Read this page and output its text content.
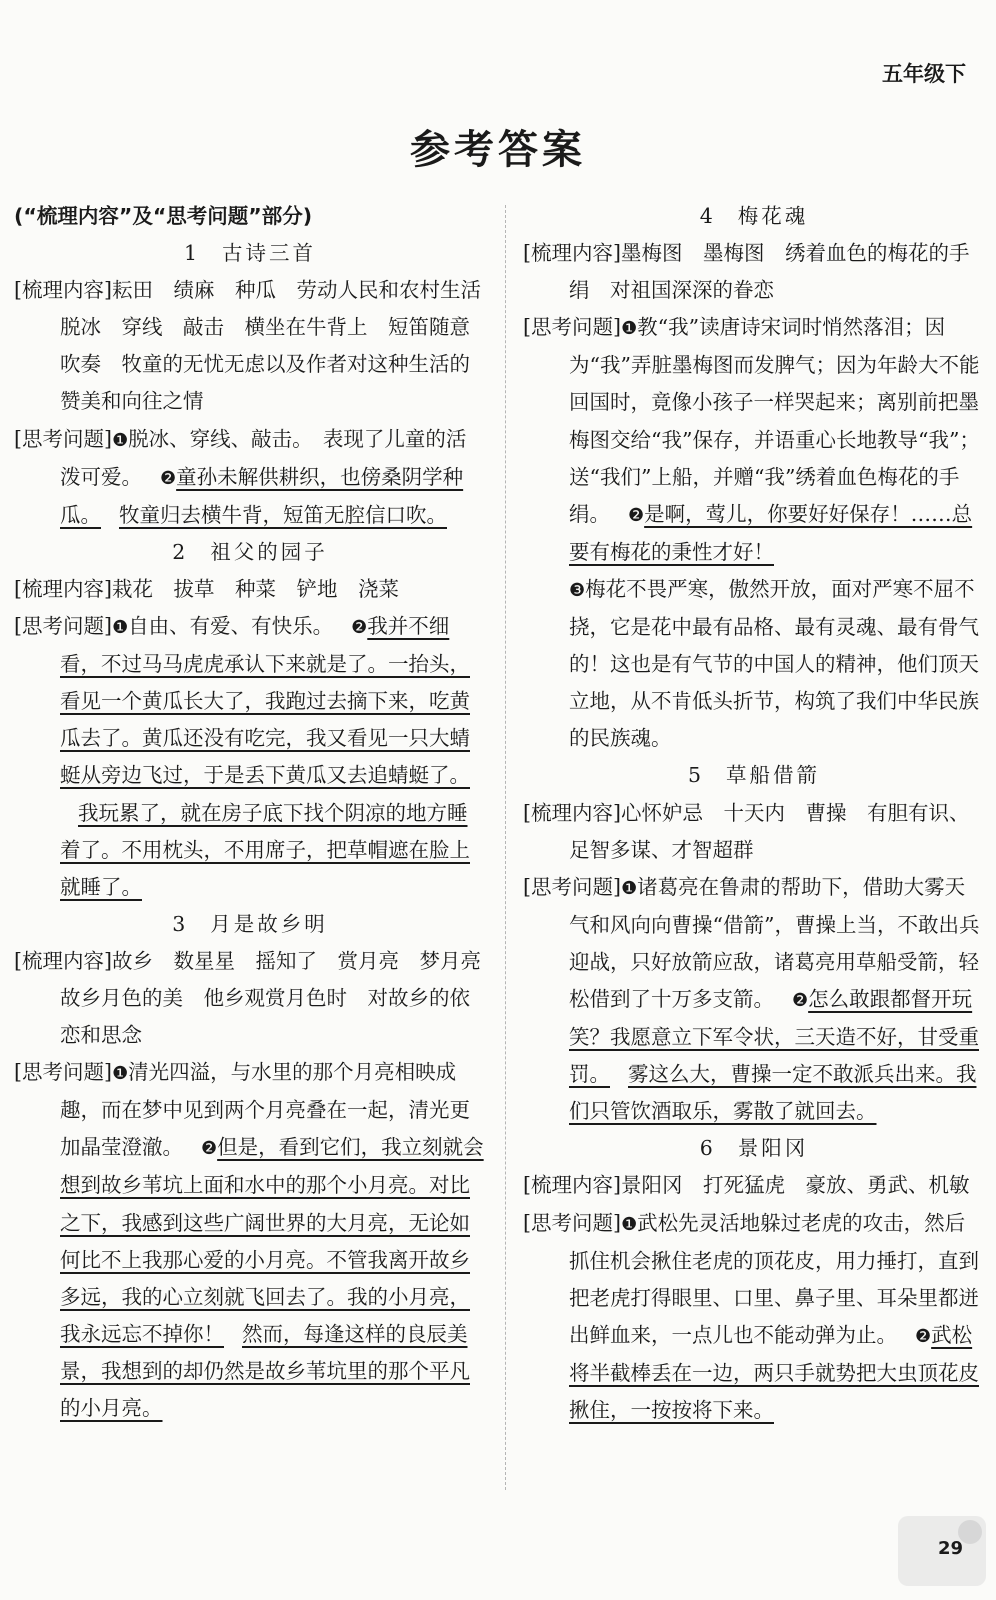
五年级下
参考答案

(“梳理内容”及“思考问题”部分)

1 古诗三首

[梳理内容]耘田　绩麻　种瓜　劳动人民和农村生活　脱冰　穿线　敲击　横坐在牛背上　短笛随意吹奏　牧童的无忧无虑以及作者对这种生活的赞美和向往之情

[思考问题]❶脱冰、穿线、敲击。　表现了儿童的活泼可爱。 ❷童孙未解供耕织，也傍桑阴学种瓜。 牧童归去横牛背，短笛无腔信口吹。

2 祖父的园子

[梳理内容]栽花　拔草　种菜　铲地　浇菜

[思考问题]❶自由、有爱、有快乐。 ❷我并不细看，不过马马虎虎承认下来就是了。一抬头，看见一个黄瓜长大了，我跑过去摘下来，吃黄瓜去了。黄瓜还没有吃完，我又看见一只大蜻蜓从旁边飞过，于是丢下黄瓜又去追蜻蜓了。我玩累了，就在房子底下找个阴凉的地方睡着了。不用枕头，不用席子，把草帽遮在脸上就睡了。

3 月是故乡明

[梳理内容]故乡　数星星　摇知了　赏月亮　梦月亮　故乡月色的美　他乡观赏月色时　对故乡的依恋和思念

[思考问题]❶清光四溢，与水里的那个月亮相映成趣，而在梦中见到两个月亮叠在一起，清光更加晶莹澄澈。 ❷但是，看到它们，我立刻就会想到故乡苇坑上面和水中的那个小月亮。对比之下，我感到这些广阔世界的大月亮，无论如何比不上我那心爱的小月亮。不管我离开故乡多远，我的心立刻就飞回去了。我的小月亮，我永远忘不掉你！ 然而，每逢这样的良辰美景，我想到的却仍然是故乡苇坑里的那个平凡的小月亮。

4 梅花魂

[梳理内容]墨梅图　墨梅图　绣着血色的梅花的手绢　对祖国深深的眷恋

[思考问题]❶教“我”读唐诗宋词时悄然落泪；因为“我”弄脏墨梅图而发脾气；因为年龄大不能回国时，竟像小孩子一样哭起来；离别前把墨梅图交给“我”保存，并语重心长地教导“我”；送“我们”上船，并赠“我”绣着血色梅花的手绢。 ❷是啊，莺儿，你要好好保存！……总要有梅花的秉性才好！
❸梅花不畏严寒，傲然开放，面对严寒不屈不挠，它是花中最有品格、最有灵魂、最有骨气的！这也是有气节的中国人的精神，他们顶天立地，从不肯低头折节，构筑了我们中华民族的民族魂。

5 草船借箭

[梳理内容]心怀妒忌　十天内　曹操　有胆有识、足智多谋、才智超群

[思考问题]❶诸葛亮在鲁肃的帮助下，借助大雾天气和风向向曹操“借箭”，曹操上当，不敢出兵迎战，只好放箭应敌，诸葛亮用草船受箭，轻松借到了十万多支箭。 ❷怎么敢跟都督开玩笑？我愿意立下军令状，三天造不好，甘受重罚。 雾这么大，曹操一定不敢派兵出来。我们只管饮酒取乐，雾散了就回去。

6 景阳冈

[梳理内容]景阳冈　打死猛虎　豪放、勇武、机敏

[思考问题]❶武松先灵活地躲过老虎的攻击，然后抓住机会揪住老虎的顶花皮，用力捶打，直到把老虎打得眼里、口里、鼻子里、耳朵里都迸出鲜血来，一点儿也不能动弹为止。 ❷武松将半截棒丢在一边，两只手就势把大虫顶花皮揪住，一按按将下来。

29
